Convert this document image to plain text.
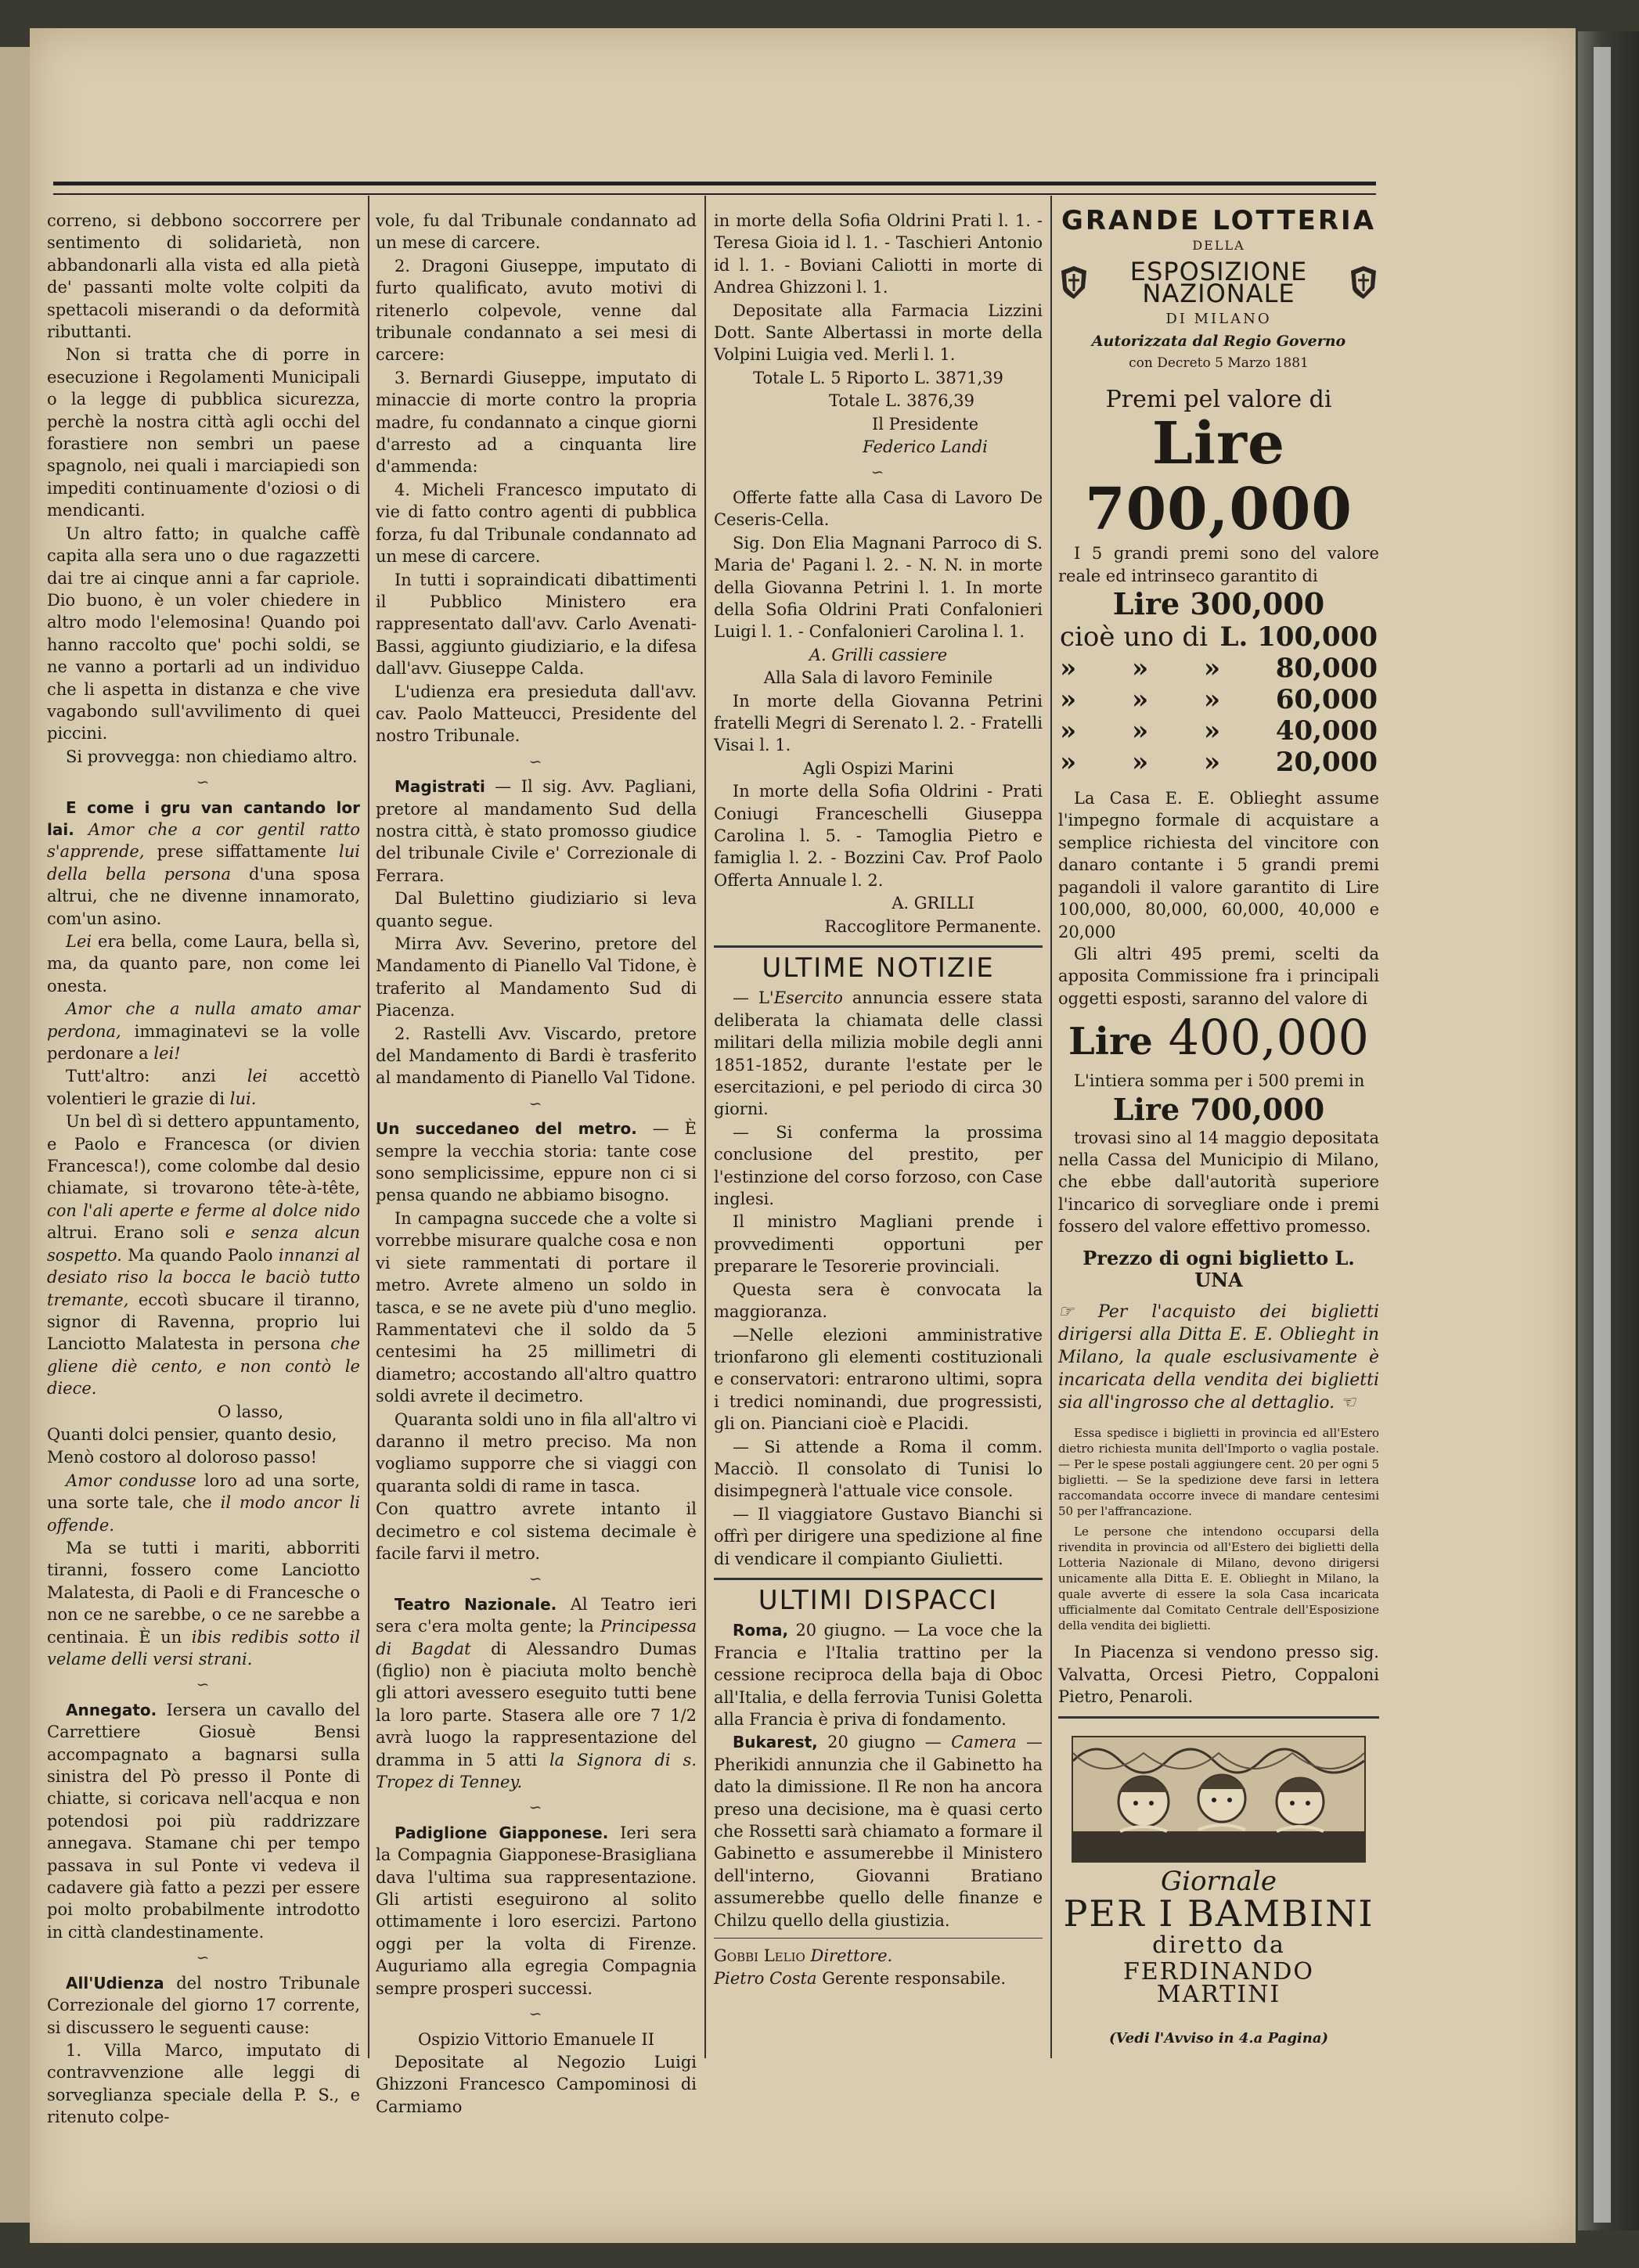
correno, si debbono soccorrere per sentimento di solidarietà, non abbandonarli alla vista ed alla pietà de' passanti molte volte colpiti da spettacoli miserandi o da deformità ributtanti.

Non si tratta che di porre in esecuzione i Regolamenti Municipali o la legge di pubblica sicurezza, perchè la nostra città agli occhi del forastiere non sembri un paese spagnolo, nei quali i marciapiedi son impediti continuamente d'oziosi o di mendicanti.

Un altro fatto; in qualche caffè capita alla sera uno o due ragazzetti dai tre ai cinque anni a far capriole. Dio buono, è un voler chiedere in altro modo l'elemosina! Quando poi hanno raccolto que' pochi soldi, se ne vanno a portarli ad un individuo che li aspetta in distanza e che vive vagabondo sull'avvilimento di quei piccini.

Si provvegga: non chiediamo altro.

∽

E come i gru van cantando lor lai. Amor che a cor gentil ratto s'apprende, prese siffattamente lui della bella persona d'una sposa altrui, che ne divenne innamorato, com'un asino.

Lei era bella, come Laura, bella sì, ma, da quanto pare, non come lei onesta.

Amor che a nulla amato amar perdona, immaginatevi se la volle perdonare a lei!

Tutt'altro: anzi lei accettò volentieri le grazie di lui.

Un bel dì si dettero appuntamento, e Paolo e Francesca (or divien Francesca!), come colombe dal desio chiamate, si trovarono tête-à-tête, con l'ali aperte e ferme al dolce nido altrui. Erano soli e senza alcun sospetto. Ma quando Paolo innanzi al desiato riso la bocca le baciò tutto tremante, eccotì sbucare il tiranno, signor di Ravenna, proprio lui Lanciotto Malatesta in persona che gliene diè cento, e non contò le diece.

O lasso,

Quanti dolci pensier, quanto desio,

Menò costoro al doloroso passo!

Amor condusse loro ad una sorte, una sorte tale, che il modo ancor li offende.

Ma se tutti i mariti, abborriti tiranni, fossero come Lanciotto Malatesta, di Paoli e di Francesche o non ce ne sarebbe, o ce ne sarebbe a centinaia. È un ibis redibis sotto il velame delli versi strani.

∽

Annegato. Iersera un cavallo del Carrettiere Giosuè Bensi accompagnato a bagnarsi sulla sinistra del Pò presso il Ponte di chiatte, si coricava nell'acqua e non potendosi poi più raddrizzare annegava. Stamane chi per tempo passava in sul Ponte vi vedeva il cadavere già fatto a pezzi per essere poi molto probabilmente introdotto in città clandestinamente.

∽

All'Udienza del nostro Tribunale Correzionale del giorno 17 corrente, si discussero le seguenti cause:

1. Villa Marco, imputato di contravvenzione alle leggi di sorveglianza speciale della P. S., e ritenuto colpe-

vole, fu dal Tribunale condannato ad un mese di carcere.

2. Dragoni Giuseppe, imputato di furto qualificato, avuto motivi di ritenerlo colpevole, venne dal tribunale condannato a sei mesi di carcere:

3. Bernardi Giuseppe, imputato di minaccie di morte contro la propria madre, fu condannato a cinque giorni d'arresto ad a cinquanta lire d'ammenda:

4. Micheli Francesco imputato di vie di fatto contro agenti di pubblica forza, fu dal Tribunale condannato ad un mese di carcere.

In tutti i sopraindicati dibattimenti il Pubblico Ministero era rappresentato dall'avv. Carlo Avenati-Bassi, aggiunto giudiziario, e la difesa dall'avv. Giuseppe Calda.

L'udienza era presieduta dall'avv. cav. Paolo Matteucci, Presidente del nostro Tribunale.

∽

Magistrati — Il sig. Avv. Pagliani, pretore al mandamento Sud della nostra città, è stato promosso giudice del tribunale Civile e' Correzionale di Ferrara.

Dal Bulettino giudiziario si leva quanto segue.

Mirra Avv. Severino, pretore del Mandamento di Pianello Val Tidone, è traferito al Mandamento Sud di Piacenza.

2. Rastelli Avv. Viscardo, pretore del Mandamento di Bardi è trasferito al mandamento di Pianello Val Tidone.

∽

Un succedaneo del metro. — È sempre la vecchia storia: tante cose sono semplicissime, eppure non ci si pensa quando ne abbiamo bisogno.

In campagna succede che a volte si vorrebbe misurare qualche cosa e non vi siete rammentati di portare il metro. Avrete almeno un soldo in tasca, e se ne avete più d'uno meglio. Rammentatevi che il soldo da 5 centesimi ha 25 millimetri di diametro; accostando all'altro quattro soldi avrete il decimetro.

Quaranta soldi uno in fila all'altro vi daranno il metro preciso. Ma non vogliamo supporre che si viaggi con quaranta soldi di rame in tasca.

Con quattro avrete intanto il decimetro e col sistema decimale è facile farvi il metro.

∽

Teatro Nazionale. Al Teatro ieri sera c'era molta gente; la Principessa di Bagdat di Alessandro Dumas (figlio) non è piaciuta molto benchè gli attori avessero eseguito tutti bene la loro parte. Stasera alle ore 7 1/2 avrà luogo la rappresentazione del dramma in 5 atti la Signora di s. Tropez di Tenney.

∽

Padiglione Giapponese. Ieri sera la Compagnia Giapponese-Brasigliana dava l'ultima sua rappresentazione. Gli artisti eseguirono al solito ottimamente i loro esercizi. Partono oggi per la volta di Firenze. Auguriamo alla egregia Compagnia sempre prosperi successi.

∽

Ospizio Vittorio Emanuele II

Depositate al Negozio Luigi Ghizzoni Francesco Campominosi di Carmiamo

in morte della Sofia Oldrini Prati l. 1. - Teresa Gioia id l. 1. - Taschieri Antonio id l. 1. - Boviani Caliotti in morte di Andrea Ghizzoni l. 1.

Depositate alla Farmacia Lizzini Dott. Sante Albertassi in morte della Volpini Luigia ved. Merli l. 1.

Totale L. 5 Riporto L. 3871,39

Totale L. 3876,39

Il Presidente

Federico Landi

∽

Offerte fatte alla Casa di Lavoro De Ceseris-Cella.

Sig. Don Elia Magnani Parroco di S. Maria de' Pagani l. 2. - N. N. in morte della Giovanna Petrini l. 1. In morte della Sofia Oldrini Prati Confalonieri Luigi l. 1. - Confalonieri Carolina l. 1.

A. Grilli cassiere

Alla Sala di lavoro Feminile

In morte della Giovanna Petrini fratelli Megri di Serenato l. 2. - Fratelli Visai l. 1.

Agli Ospizi Marini

In morte della Sofia Oldrini - Prati Coniugi Franceschelli Giuseppa Carolina l. 5. - Tamoglia Pietro e famiglia l. 2. - Bozzini Cav. Prof Paolo Offerta Annuale l. 2.

A. GRILLI

Raccoglitore Permanente.

ULTIME NOTIZIE

— L'Esercito annuncia essere stata deliberata la chiamata delle classi militari della milizia mobile degli anni 1851-1852, durante l'estate per le esercitazioni, e pel periodo di circa 30 giorni.

— Si conferma la prossima conclusione del prestito, per l'estinzione del corso forzoso, con Case inglesi.

Il ministro Magliani prende i provvedimenti opportuni per preparare le Tesorerie provinciali.

Questa sera è convocata la maggioranza.

—Nelle elezioni amministrative trionfarono gli elementi costituzionali e conservatori: entrarono ultimi, sopra i tredici nominandi, due progressisti, gli on. Pianciani cioè e Placidi.

— Si attende a Roma il comm. Macciò. Il consolato di Tunisi lo disimpegnerà l'attuale vice console.

— Il viaggiatore Gustavo Bianchi si offrì per dirigere una spedizione al fine di vendicare il compianto Giulietti.

ULTIMI DISPACCI

Roma, 20 giugno. — La voce che la Francia e l'Italia trattino per la cessione reciproca della baja di Oboc all'Italia, e della ferrovia Tunisi Goletta alla Francia è priva di fondamento.

Bukarest, 20 giugno — Camera — Pherikidi annunzia che il Gabinetto ha dato la dimissione. Il Re non ha ancora preso una decisione, ma è quasi certo che Rossetti sarà chiamato a formare il Gabinetto e assumerebbe il Ministero dell'interno, Giovanni Bratiano assumerebbe quello delle finanze e Chilzu quello della giustizia.

Gobbi Lelio Direttore.

Pietro Costa Gerente responsabile.

GRANDE LOTTERIA
DELLA
ESPOSIZIONE NAZIONALE
DI MILANO
Autorizzata dal Regio Governo
con Decreto 5 Marzo 1881
Premi pel valore di
Lire 700,000
I 5 grandi premi sono del valore reale ed intrinseco garantito di
Lire 300,000
cioè uno di L. 100,000
» » » 80,000
» » » 60,000
» » » 40,000
» » » 20,000
La Casa E. E. Oblieght assume l'impegno formale di acquistare a semplice richiesta del vincitore con danaro contante i 5 grandi premi pagandoli il valore garantito di Lire 100,000, 80,000, 60,000, 40,000 e 20,000
Gli altri 495 premi, scelti da apposita Commissione fra i principali oggetti esposti, saranno del valore di
Lire 400,000
L'intiera somma per i 500 premi in
Lire 700,000
trovasi sino al 14 maggio depositata nella Cassa del Municipio di Milano, che ebbe dall'autorità superiore l'incarico di sorvegliare onde i premi fossero del valore effettivo promesso.
Prezzo di ogni biglietto L. UNA
☞ Per l'acquisto dei biglietti dirigersi alla Ditta E. E. Oblieght in Milano, la quale esclusivamente è incaricata della vendita dei biglietti sia all'ingrosso che al dettaglio. ☜
Essa spedisce i biglietti in provincia ed all'Estero dietro richiesta munita dell'Importo o vaglia postale. — Per le spese postali aggiungere cent. 20 per ogni 5 biglietti. — Se la spedizione deve farsi in lettera raccomandata occorre invece di mandare centesimi 50 per l'affrancazione.
Le persone che intendono occuparsi della rivendita in provincia od all'Estero dei biglietti della Lotteria Nazionale di Milano, devono dirigersi unicamente alla Ditta E. E. Oblieght in Milano, la quale avverte di essere la sola Casa incaricata ufficialmente dal Comitato Centrale dell'Esposizione della vendita dei biglietti.
In Piacenza si vendono presso sig. Valvatta, Orcesi Pietro, Coppaloni Pietro, Penaroli.
Giornale
PER I BAMBINI
diretto da
FERDINANDO MARTINI
(Vedi l'Avviso in 4.a Pagina)
